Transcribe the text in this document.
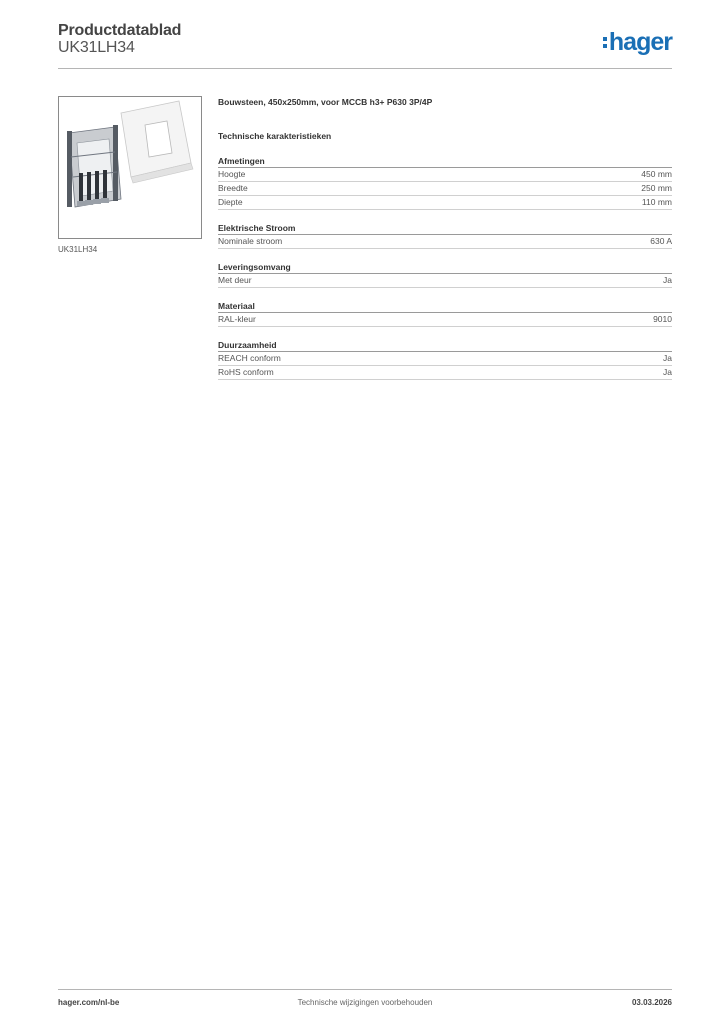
Productdatablad
UK31LH34	hager
UK31LH34
Bouwsteen, 450x250mm, voor MCCB h3+ P630 3P/4P
Technische karakteristieken
Afmetingen
Hoogte	450 mm
Breedte	250 mm
Diepte	110 mm
Elektrische Stroom
Nominale stroom	630 A
Leveringsomvang
Met deur	Ja
Materiaal
RAL-kleur	9010
Duurzaamheid
REACH conform	Ja
RoHS conform	Ja
Technische wijzigingen voorbehouden
hager.com/nl-be	03.03.2026
